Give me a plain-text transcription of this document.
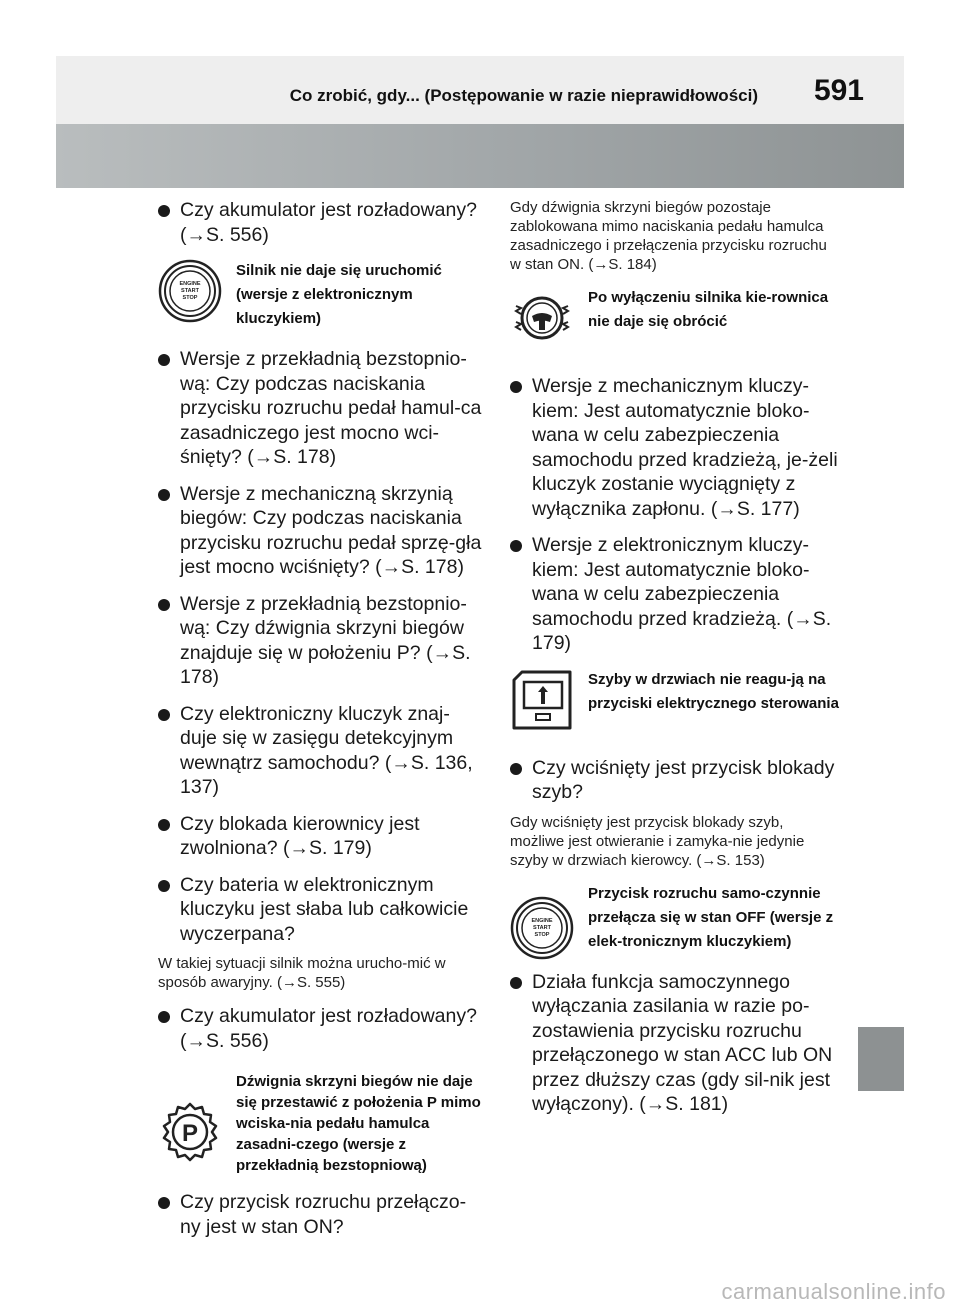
Co zrobić, gdy... (Postępowanie w razie nieprawidłowości) 591

Czy akumulator jest rozładowany? (→S. 556)

ENGINE
START
STOP
Silnik nie daje się uruchomić (wersje z elektronicznym kluczykiem)

Wersje z przekładnią bezstopnio-wą: Czy podczas naciskania przycisku rozruchu pedał hamul-ca zasadniczego jest mocno wci-śnięty? (→S. 178)

Wersje z mechaniczną skrzynią biegów: Czy podczas naciskania przycisku rozruchu pedał sprzę-gła jest mocno wciśnięty? (→S. 178)

Wersje z przekładnią bezstopnio-wą: Czy dźwignia skrzyni biegów znajduje się w położeniu P? (→S. 178)

Czy elektroniczny kluczyk znaj-duje się w zasięgu detekcyjnym wewnątrz samochodu? (→S. 136, 137)

Czy blokada kierownicy jest zwolniona? (→S. 179)

Czy bateria w elektronicznym kluczyku jest słaba lub całkowicie wyczerpana?

W takiej sytuacji silnik można urucho-mić w sposób awaryjny. (→S. 555)

Czy akumulator jest rozładowany? (→S. 556)

P
Dźwignia skrzyni biegów nie daje się przestawić z położenia P mimo wciska-nia pedału hamulca zasadni-czego (wersje z przekładnią bezstopniową)

Czy przycisk rozruchu przełączo-ny jest w stan ON?

Gdy dźwignia skrzyni biegów pozostaje zablokowana mimo naciskania pedału hamulca zasadniczego i przełączenia przycisku rozruchu w stan ON. (→S. 184)

Po wyłączeniu silnika kie-rownica nie daje się obrócić

Wersje z mechanicznym kluczy-kiem: Jest automatycznie bloko-wana w celu zabezpieczenia samochodu przed kradzieżą, je-żeli kluczyk zostanie wyciągnięty z wyłącznika zapłonu. (→S. 177)

Wersje z elektronicznym kluczy-kiem: Jest automatycznie bloko-wana w celu zabezpieczenia samochodu przed kradzieżą. (→S. 179)

Szyby w drzwiach nie reagu-ją na przyciski elektrycznego sterowania

Czy wciśnięty jest przycisk blokady szyb?

Gdy wciśnięty jest przycisk blokady szyb, możliwe jest otwieranie i zamyka-nie jedynie szyby w drzwiach kierowcy. (→S. 153)

ENGINE
START
STOP
Przycisk rozruchu samo-czynnie przełącza się w stan OFF (wersje z elek-tronicznym kluczykiem)

Działa funkcja samoczynnego wyłączania zasilania w razie po-zostawienia przycisku rozruchu przełączonego w stan ACC lub ON przez dłuższy czas (gdy sil-nik jest wyłączony). (→S. 181)

carmanualsonline.info
